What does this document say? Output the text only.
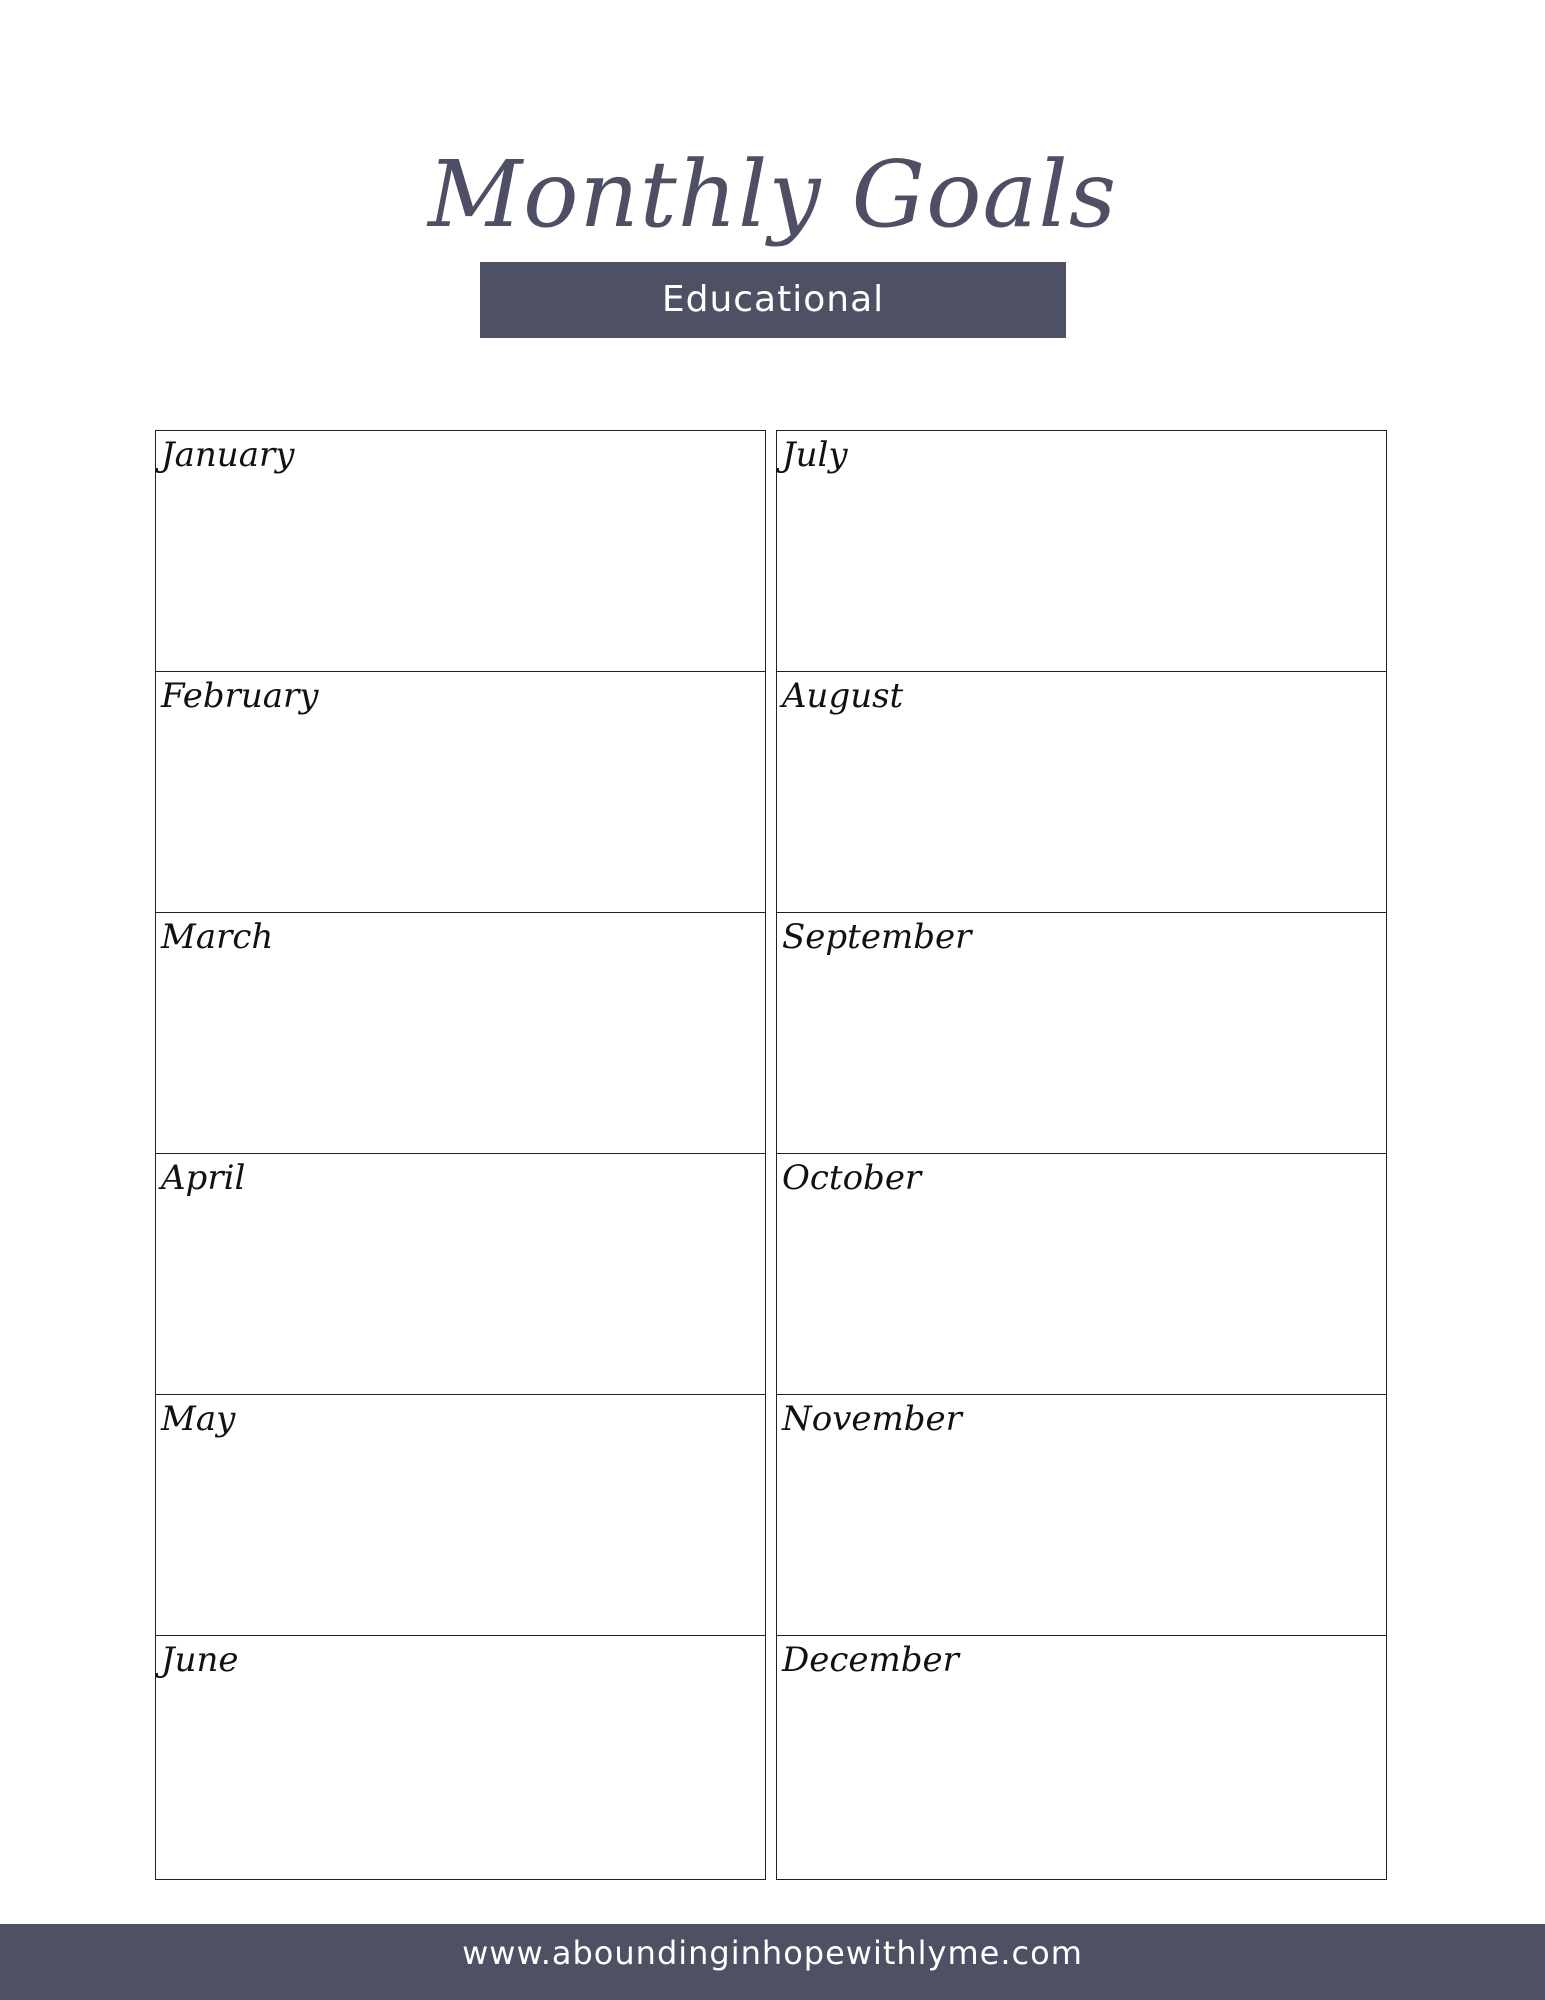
Monthly Goals
Educational
January
February
March
April
May
June
July
August
September
October
November
December
www.aboundinginhopewithlyme.com
